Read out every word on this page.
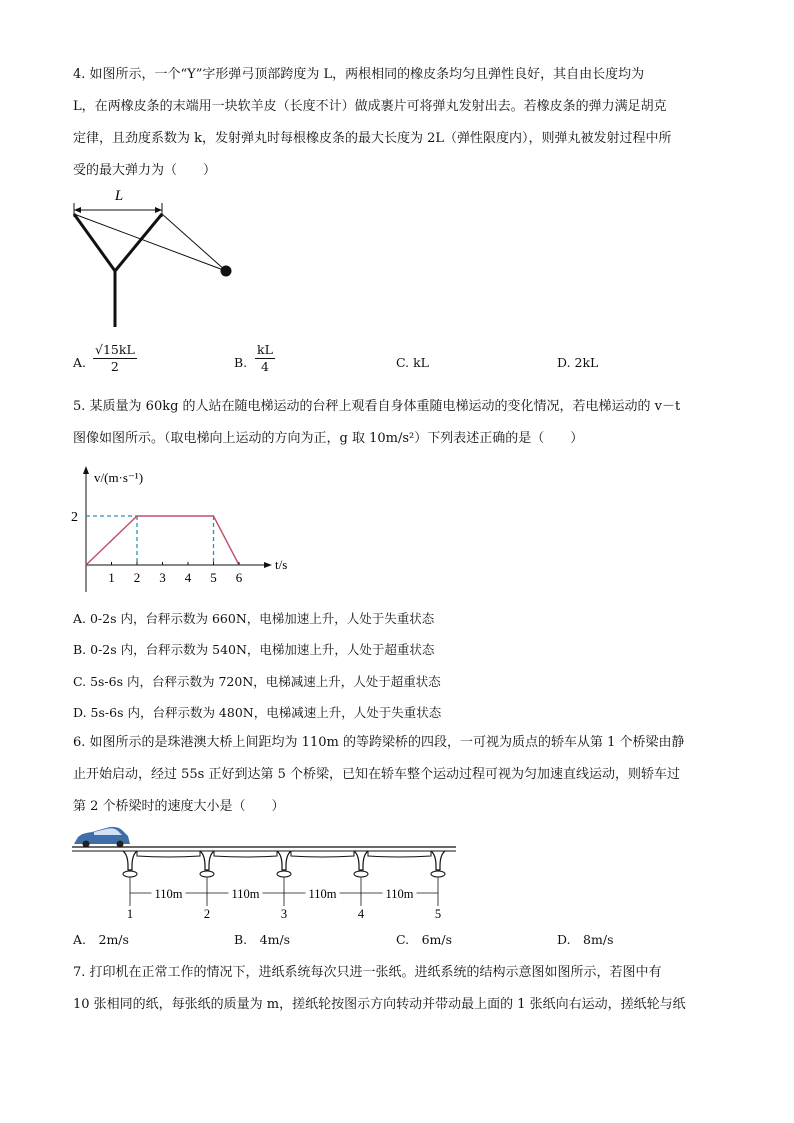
4. 如图所示，一个“Y”字形弹弓顶部跨度为 L，两根相同的橡皮条均匀且弹性良好，其自由长度均为
L，在两橡皮条的末端用一块软羊皮（长度不计）做成裹片可将弹丸发射出去。若橡皮条的弹力满足胡克
定律，且劲度系数为 k，发射弹丸时每根橡皮条的最大长度为 2L（弹性限度内），则弹丸被发射过程中所
受的最大弹力为（　　）
L
A.
√15kL
2	B.
kL
4	C. kL	D. 2kL
5. 某质量为 60kg 的人站在随电梯运动的台秤上观看自身体重随电梯运动的变化情况，若电梯运动的 v－t
图像如图所示。（取电梯向上运动的方向为正，g 取 10m/s²）下列表述正确的是（　　）
v/(m·s⁻¹)
t/s
1 2 3 4 5 6
2
A. 0-2s 内，台秤示数为 660N，电梯加速上升，人处于失重状态
B. 0-2s 内，台秤示数为 540N，电梯加速上升，人处于超重状态
C. 5s-6s 内，台秤示数为 720N，电梯减速上升，人处于超重状态
D. 5s-6s 内，台秤示数为 480N，电梯减速上升，人处于失重状态
6. 如图所示的是珠港澳大桥上间距均为 110m 的等跨梁桥的四段，一可视为质点的轿车从第 1 个桥梁由静
止开始启动，经过 55s 正好到达第 5 个桥梁，已知在轿车整个运动过程可视为匀加速直线运动，则轿车过
第 2 个桥梁时的速度大小是（　　）
1	2	3	4	5
110m	110m	110m	110m
A.　2m/s	B.　4m/s	C.　6m/s	D.　8m/s
7. 打印机在正常工作的情况下，进纸系统每次只进一张纸。进纸系统的结构示意图如图所示，若图中有
10 张相同的纸，每张纸的质量为 m，搓纸轮按图示方向转动并带动最上面的 1 张纸向右运动，搓纸轮与纸
